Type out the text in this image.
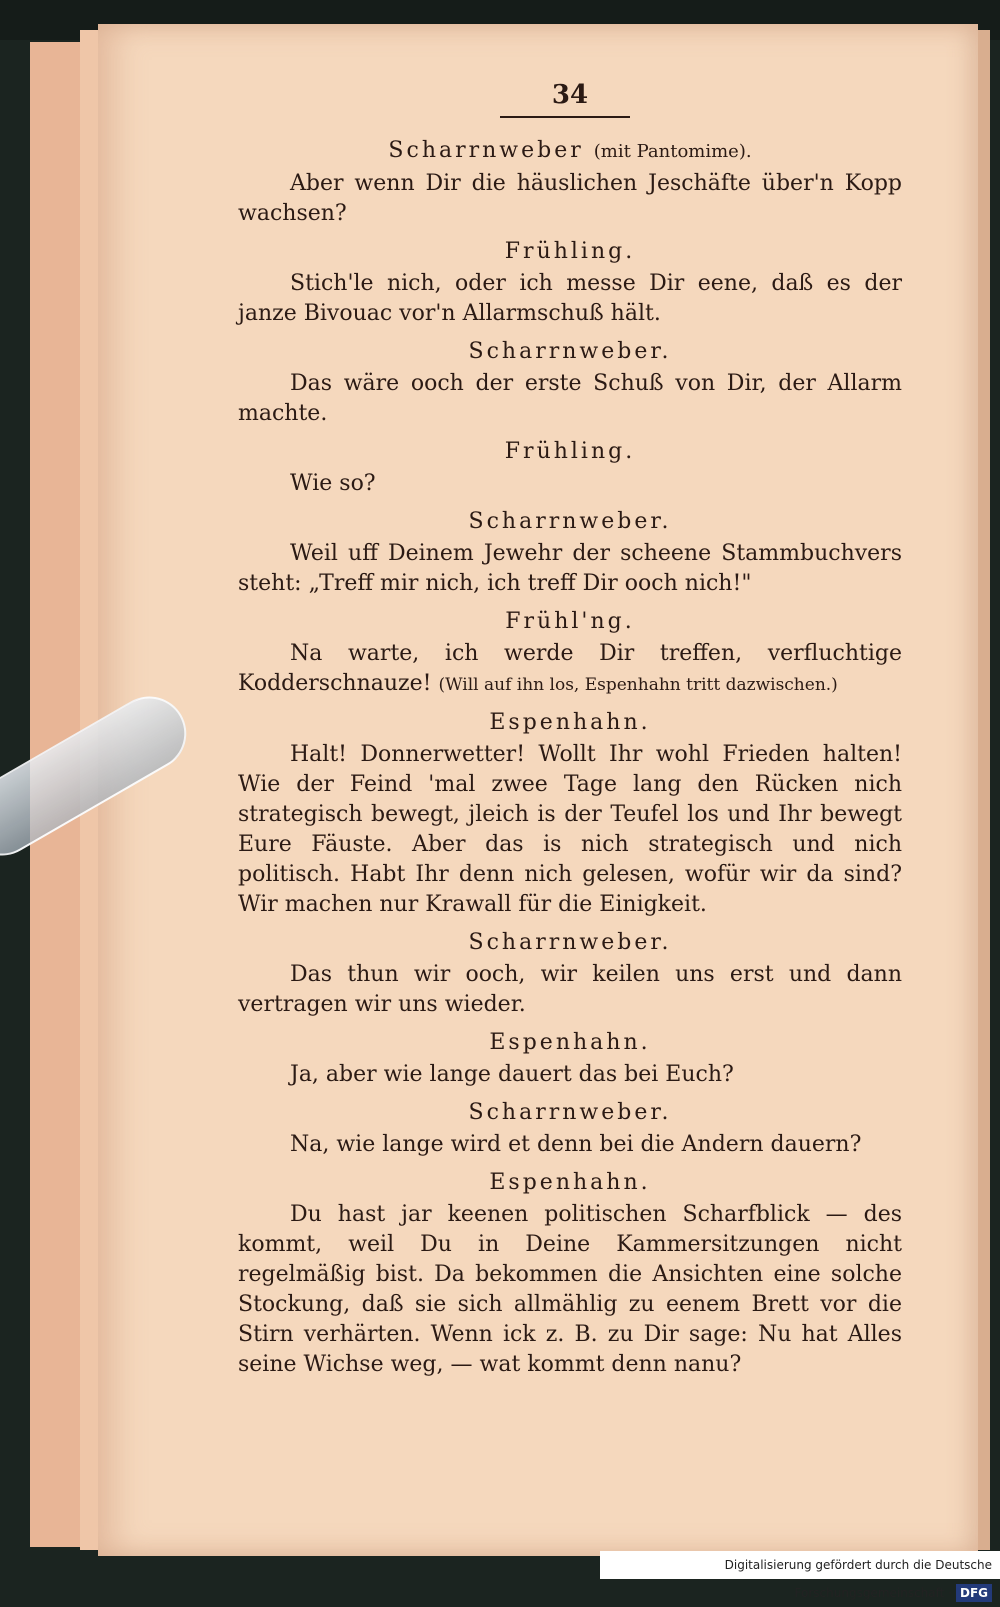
34
Scharrnweber (mit Pantomime).
Aber wenn Dir die häuslichen Jeschäfte über'n Kopp wachsen?
Frühling.
Stich'le nich, oder ich messe Dir eene, daß es der janze Bivouac vor'n Allarmschuß hält.
Scharrnweber.
Das wäre ooch der erste Schuß von Dir, der Allarm machte.
Frühling.
Wie so?
Scharrnweber.
Weil uff Deinem Jewehr der scheene Stammbuchvers steht: „Treff mir nich, ich treff Dir ooch nich!"
Frühl'ng.
Na warte, ich werde Dir treffen, verfluchtige Kodderschnauze! (Will auf ihn los, Espenhahn tritt dazwischen.)
Espenhahn.
Halt! Donnerwetter! Wollt Ihr wohl Frieden halten! Wie der Feind 'mal zwee Tage lang den Rücken nich strategisch bewegt, jleich is der Teufel los und Ihr bewegt Eure Fäuste. Aber das is nich strategisch und nich politisch. Habt Ihr denn nich gelesen, wofür wir da sind? Wir machen nur Krawall für die Einigkeit.
Scharrnweber.
Das thun wir ooch, wir keilen uns erst und dann vertragen wir uns wieder.
Espenhahn.
Ja, aber wie lange dauert das bei Euch?
Scharrnweber.
Na, wie lange wird et denn bei die Andern dauern?
Espenhahn.
Du hast jar keenen politischen Scharfblick — des kommt, weil Du in Deine Kammersitzungen nicht regelmäßig bist. Da bekommen die Ansichten eine solche Stockung, daß sie sich allmählig zu eenem Brett vor die Stirn verhärten. Wenn ick z. B. zu Dir sage: Nu hat Alles seine Wichse weg, — wat kommt denn nanu?
Digitalisierung gefördert durch die Deutsche Forschungsgemeinschaft · DFG
